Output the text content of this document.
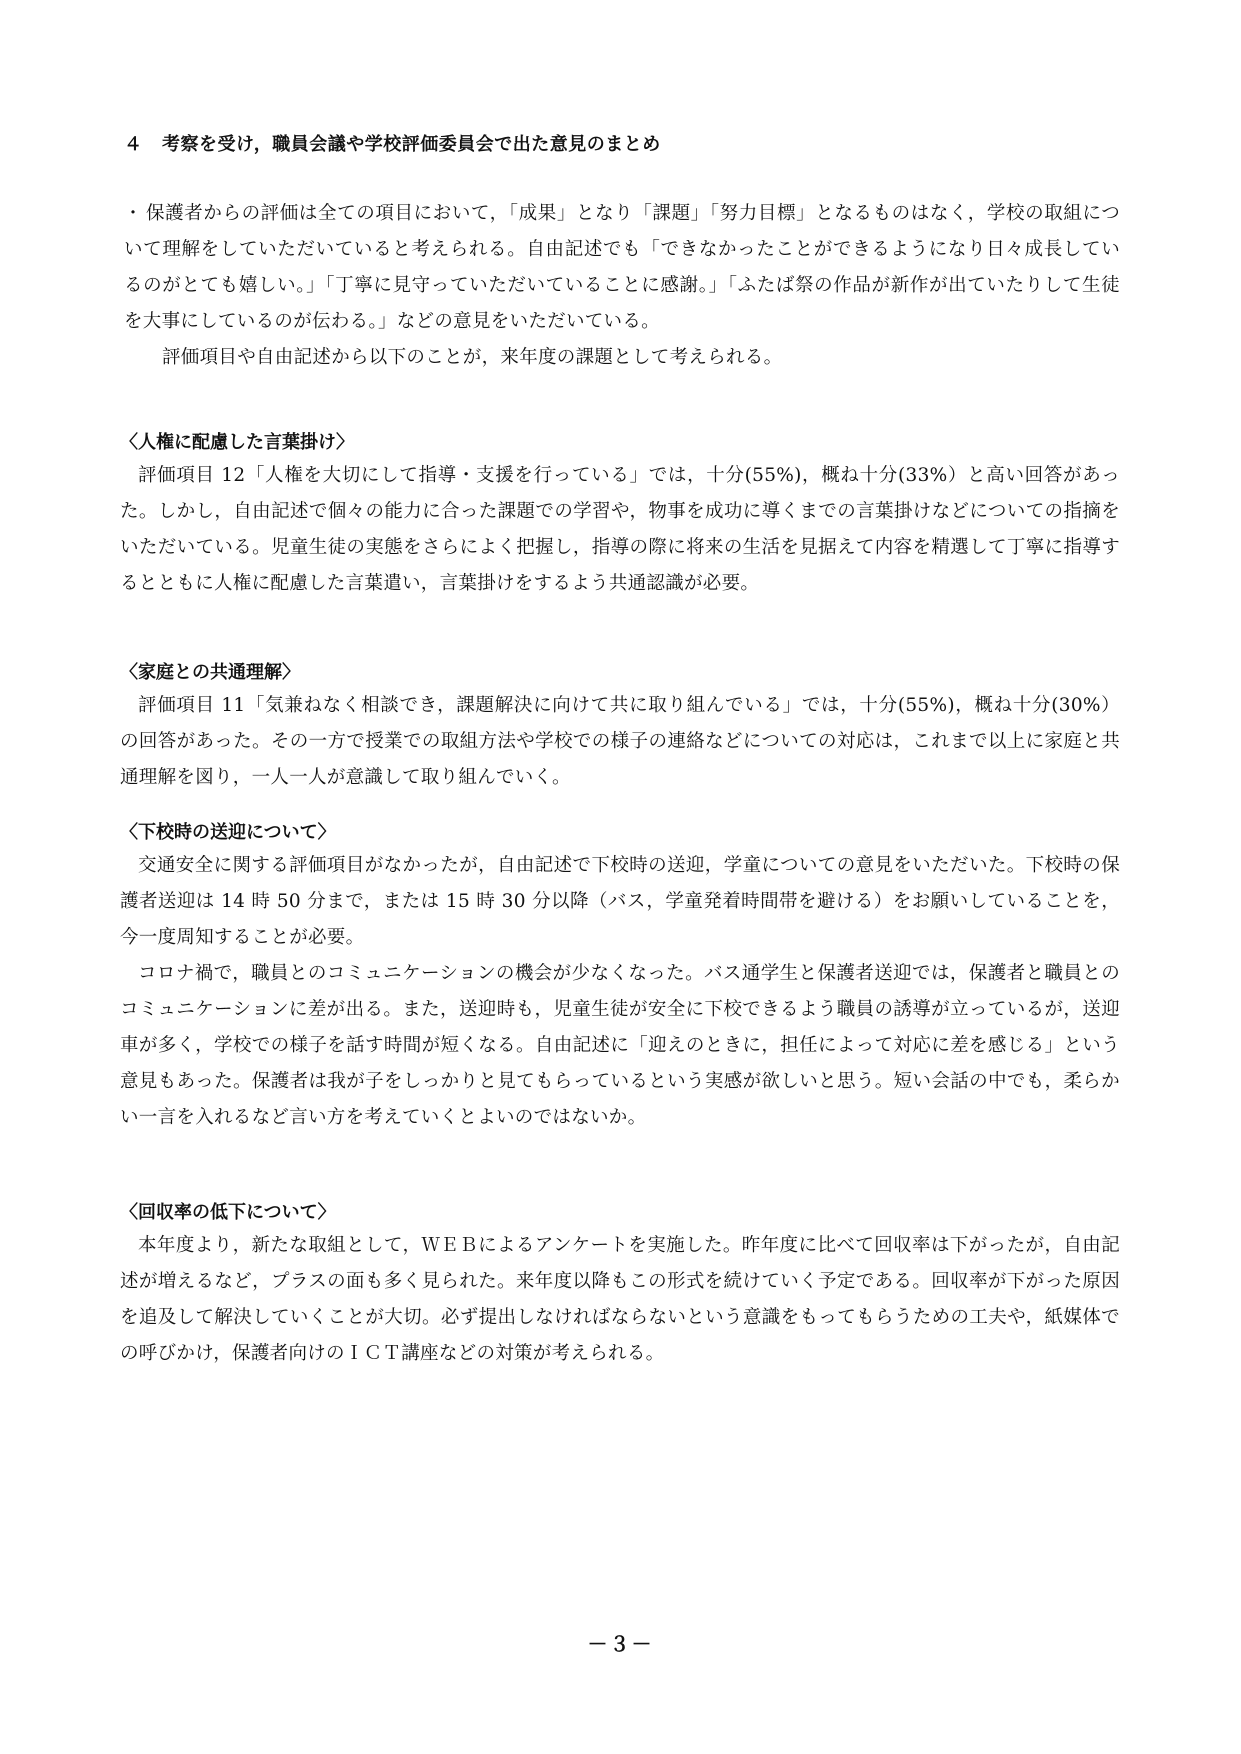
４ 考察を受け，職員会議や学校評価委員会で出た意見のまとめ
・ 保護者からの評価は全ての項目において，「成果」となり「課題」「努力目標」となるものはなく，学校の取組について理解をしていただいていると考えられる。自由記述でも「できなかったことができるようになり日々成長しているのがとても嬉しい。」「丁寧に見守っていただいていることに感謝。」「ふたば祭の作品が新作が出ていたりして生徒を大事にしているのが伝わる。」などの意見をいただいている。

評価項目や自由記述から以下のことが，来年度の課題として考えられる。

〈人権に配慮した言葉掛け〉

評価項目 12「人権を大切にして指導・支援を行っている」では，十分(55%)，概ね十分(33%）と高い回答があった。しかし，自由記述で個々の能力に合った課題での学習や，物事を成功に導くまでの言葉掛けなどについての指摘をいただいている。児童生徒の実態をさらによく把握し，指導の際に将来の生活を見据えて内容を精選して丁寧に指導するとともに人権に配慮した言葉遣い，言葉掛けをするよう共通認識が必要。

〈家庭との共通理解〉

評価項目 11「気兼ねなく相談でき，課題解決に向けて共に取り組んでいる」では，十分(55%)，概ね十分(30%）の回答があった。その一方で授業での取組方法や学校での様子の連絡などについての対応は，これまで以上に家庭と共通理解を図り，一人一人が意識して取り組んでいく。

〈下校時の送迎について〉

交通安全に関する評価項目がなかったが，自由記述で下校時の送迎，学童についての意見をいただいた。下校時の保護者送迎は 14 時 50 分まで，または 15 時 30 分以降（バス，学童発着時間帯を避ける）をお願いしていることを，今一度周知することが必要。

コロナ禍で，職員とのコミュニケーションの機会が少なくなった。バス通学生と保護者送迎では，保護者と職員とのコミュニケーションに差が出る。また，送迎時も，児童生徒が安全に下校できるよう職員の誘導が立っているが，送迎車が多く，学校での様子を話す時間が短くなる。自由記述に「迎えのときに，担任によって対応に差を感じる」という意見もあった。保護者は我が子をしっかりと見てもらっているという実感が欲しいと思う。短い会話の中でも，柔らかい一言を入れるなど言い方を考えていくとよいのではないか。

〈回収率の低下について〉

本年度より，新たな取組として，ＷＥＢによるアンケートを実施した。昨年度に比べて回収率は下がったが，自由記述が増えるなど，プラスの面も多く見られた。来年度以降もこの形式を続けていく予定である。回収率が下がった原因を追及して解決していくことが大切。必ず提出しなければならないという意識をもってもらうための工夫や，紙媒体での呼びかけ，保護者向けのＩＣＴ講座などの対策が考えられる。

－３－
